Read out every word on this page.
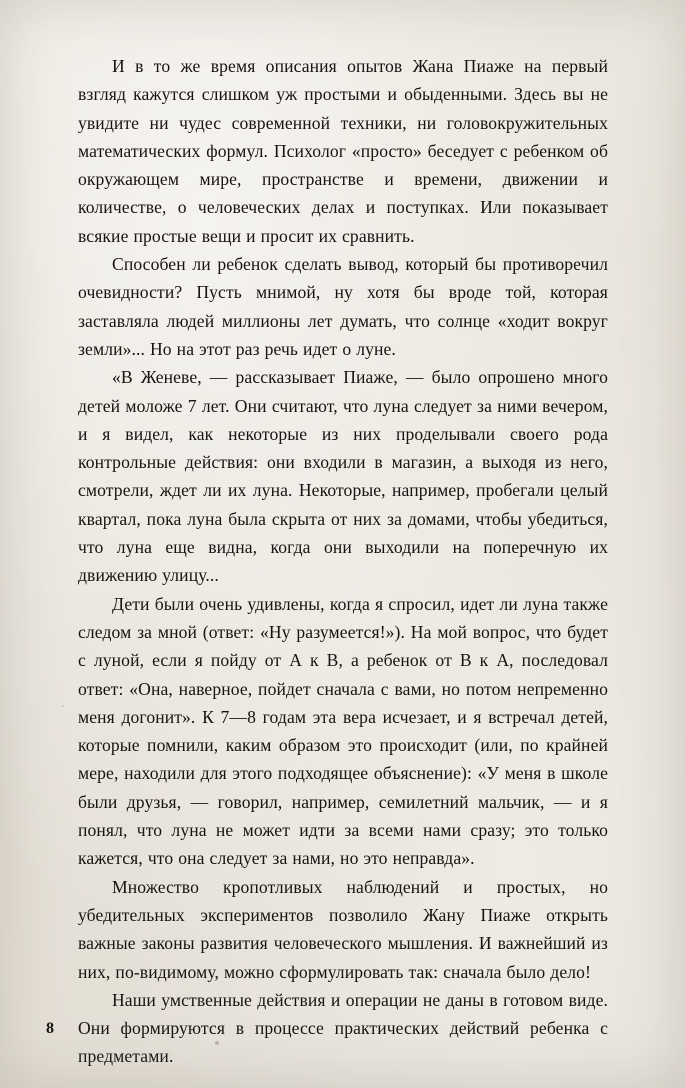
И в то же время описания опытов Жана Пиаже на первый взгляд кажутся слишком уж простыми и обыденными. Здесь вы не увидите ни чудес современной техники, ни головокружительных математических формул. Психолог «просто» беседует с ребенком об окружающем мире, пространстве и времени, движении и количестве, о человеческих делах и поступках. Или показывает всякие простые вещи и просит их сравнить.

Способен ли ребенок сделать вывод, который бы противоречил очевидности? Пусть мнимой, ну хотя бы вроде той, которая заставляла людей миллионы лет думать, что солнце «ходит вокруг земли»... Но на этот раз речь идет о луне.

«В Женеве, — рассказывает Пиаже, — было опрошено много детей моложе 7 лет. Они считают, что луна следует за ними вечером, и я видел, как некоторые из них проделывали своего рода контрольные действия: они входили в магазин, а выходя из него, смотрели, ждет ли их луна. Некоторые, например, пробегали целый квартал, пока луна была скрыта от них за домами, чтобы убедиться, что луна еще видна, когда они выходили на поперечную их движению улицу...

Дети были очень удивлены, когда я спросил, идет ли луна также следом за мной (ответ: «Ну разумеется!»). На мой вопрос, что будет с луной, если я пойду от А к В, а ребенок от В к А, последовал ответ: «Она, наверное, пойдет сначала с вами, но потом непременно меня догонит». К 7—8 годам эта вера исчезает, и я встречал детей, которые помнили, каким образом это происходит (или, по крайней мере, находили для этого подходящее объяснение): «У меня в школе были друзья, — говорил, например, семилетний мальчик, — и я понял, что луна не может идти за всеми нами сразу; это только кажется, что она следует за нами, но это неправда».

Множество кропотливых наблюдений и простых, но убедительных экспериментов позволило Жану Пиаже открыть важные законы развития человеческого мышления. И важнейший из них, по-видимому, можно сформулировать так: сначала было дело!

Наши умственные действия и операции не даны в готовом виде. Они формируются в процессе практических действий ребенка с предметами.

8
